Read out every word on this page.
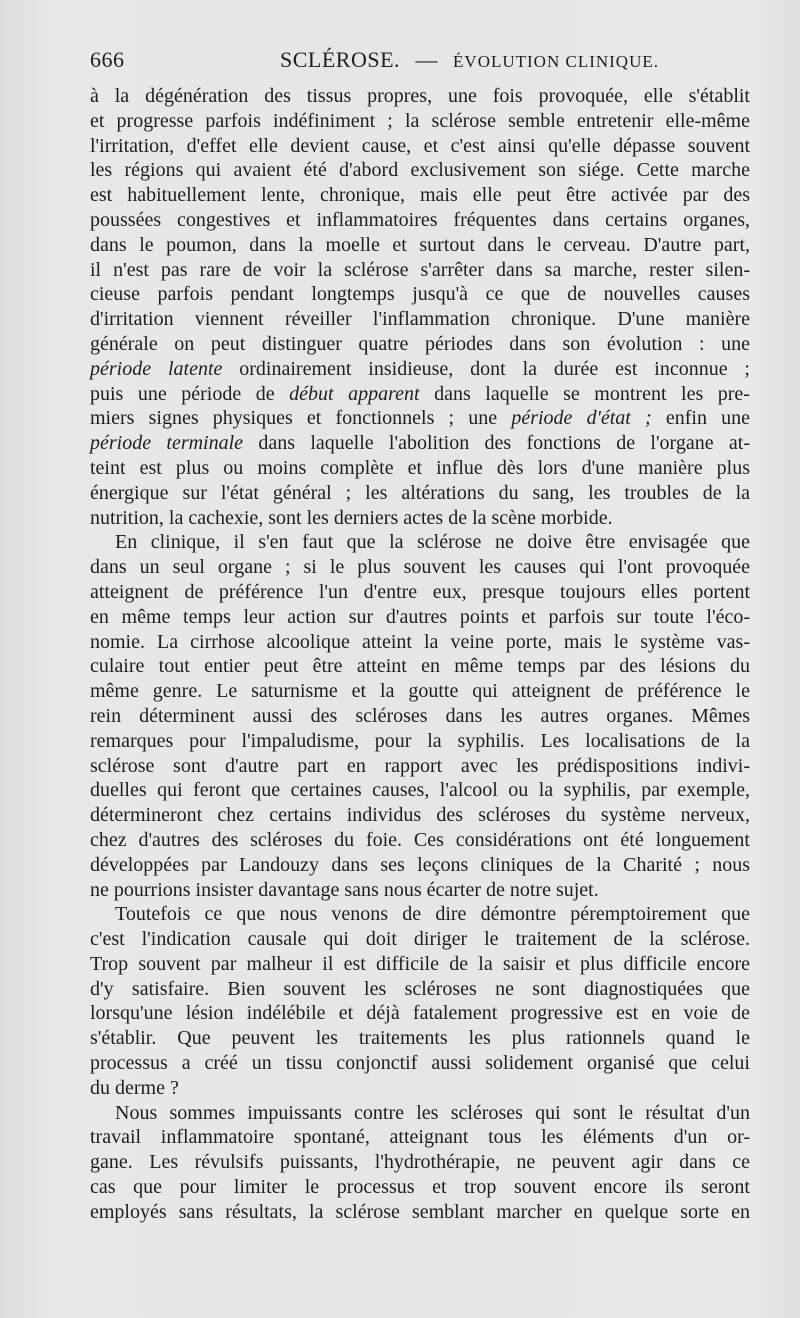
666	SCLÉROSE. — ÉVOLUTION CLINIQUE.
à la dégénération des tissus propres, une fois provoquée, elle s'établit
et progresse parfois indéfiniment ; la sclérose semble entretenir elle-même
l'irritation, d'effet elle devient cause, et c'est ainsi qu'elle dépasse souvent
les régions qui avaient été d'abord exclusivement son siége. Cette marche
est habituellement lente, chronique, mais elle peut être activée par des
poussées congestives et inflammatoires fréquentes dans certains organes,
dans le poumon, dans la moelle et surtout dans le cerveau. D'autre part,
il n'est pas rare de voir la sclérose s'arrêter dans sa marche, rester silen-
cieuse parfois pendant longtemps jusqu'à ce que de nouvelles causes
d'irritation viennent réveiller l'inflammation chronique. D'une manière
générale on peut distinguer quatre périodes dans son évolution : une
période latente ordinairement insidieuse, dont la durée est inconnue ;
puis une période de début apparent dans laquelle se montrent les pre-
miers signes physiques et fonctionnels ; une période d'état ; enfin une
période terminale dans laquelle l'abolition des fonctions de l'organe at-
teint est plus ou moins complète et influe dès lors d'une manière plus
énergique sur l'état général ; les altérations du sang, les troubles de la
nutrition, la cachexie, sont les derniers actes de la scène morbide.
En clinique, il s'en faut que la sclérose ne doive être envisagée que
dans un seul organe ; si le plus souvent les causes qui l'ont provoquée
atteignent de préférence l'un d'entre eux, presque toujours elles portent
en même temps leur action sur d'autres points et parfois sur toute l'éco-
nomie. La cirrhose alcoolique atteint la veine porte, mais le système vas-
culaire tout entier peut être atteint en même temps par des lésions du
même genre. Le saturnisme et la goutte qui atteignent de préférence le
rein déterminent aussi des scléroses dans les autres organes. Mêmes
remarques pour l'impaludisme, pour la syphilis. Les localisations de la
sclérose sont d'autre part en rapport avec les prédispositions indivi-
duelles qui feront que certaines causes, l'alcool ou la syphilis, par exemple,
détermineront chez certains individus des scléroses du système nerveux,
chez d'autres des scléroses du foie. Ces considérations ont été longuement
développées par Landouzy dans ses leçons cliniques de la Charité ; nous
ne pourrions insister davantage sans nous écarter de notre sujet.
Toutefois ce que nous venons de dire démontre péremptoirement que
c'est l'indication causale qui doit diriger le traitement de la sclérose.
Trop souvent par malheur il est difficile de la saisir et plus difficile encore
d'y satisfaire. Bien souvent les scléroses ne sont diagnostiquées que
lorsqu'une lésion indélébile et déjà fatalement progressive est en voie de
s'établir. Que peuvent les traitements les plus rationnels quand le
processus a créé un tissu conjonctif aussi solidement organisé que celui
du derme ?
Nous sommes impuissants contre les scléroses qui sont le résultat d'un
travail inflammatoire spontané, atteignant tous les éléments d'un or-
gane. Les révulsifs puissants, l'hydrothérapie, ne peuvent agir dans ce
cas que pour limiter le processus et trop souvent encore ils seront
employés sans résultats, la sclérose semblant marcher en quelque sorte en
